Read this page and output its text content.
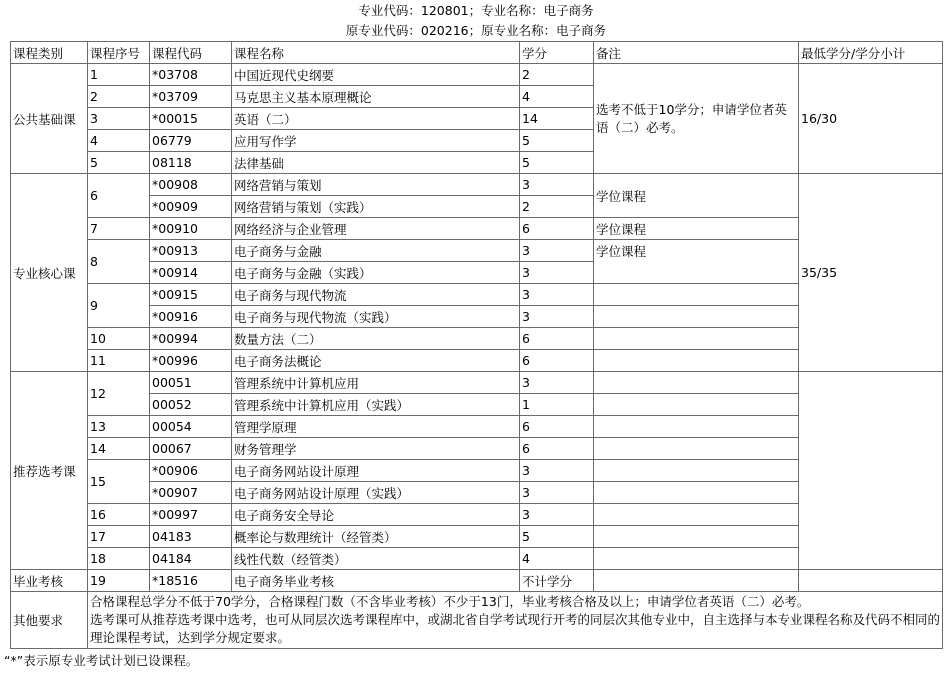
专业代码：120801；专业名称：电子商务
原专业代码：020216；原专业名称：电子商务
课程类别	课程序号	课程代码	课程名称	学分	备注	最低学分/学分小计
公共基础课	1	*03708	中国近现代史纲要	2	选考不低于10学分；申请学位者英语（二）必考。	16/30
	2	*03709	马克思主义基本原理概论	4		
	3	*00015	英语（二）	14		
	4	06779	应用写作学	5		
	5	08118	法律基础	5		
专业核心课	6	*00908	网络营销与策划	3	学位课程	35/35
		*00909	网络营销与策划（实践）	2		
	7	*00910	网络经济与企业管理	6	学位课程	
	8	*00913	电子商务与金融	3	学位课程	
		*00914	电子商务与金融（实践）	3		
	9	*00915	电子商务与现代物流	3		
		*00916	电子商务与现代物流（实践）	3		
	10	*00994	数量方法（二）	6		
	11	*00996	电子商务法概论	6		
推荐选考课	12	00051	管理系统中计算机应用	3		
		00052	管理系统中计算机应用（实践）	1		
	13	00054	管理学原理	6		
	14	00067	财务管理学	6		
	15	*00906	电子商务网站设计原理	3		
		*00907	电子商务网站设计原理（实践）	3		
	16	*00997	电子商务安全导论	3		
	17	04183	概率论与数理统计（经管类）	5		
	18	04184	线性代数（经管类）	4		
毕业考核	19	*18516	电子商务毕业考核	不计学分		
其他要求	合格课程总学分不低于70学分，合格课程门数（不含毕业考核）不少于13门，毕业考核合格及以上；申请学位者英语（二）必考。
选考课可从推荐选考课中选考，也可从同层次选考课程库中，或湖北省自学考试现行开考的同层次其他专业中，自主选择与本专业课程名称及代码不相同的理论课程考试，达到学分规定要求。					
“*”表示原专业考试计划已设课程。
